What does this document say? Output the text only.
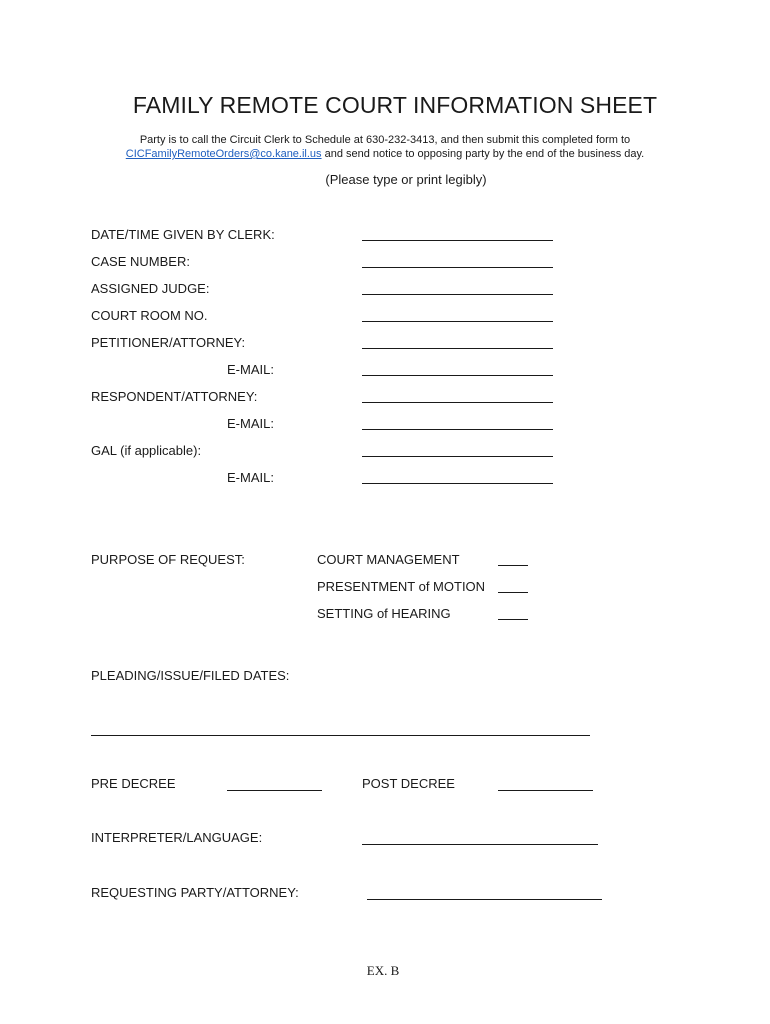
FAMILY REMOTE COURT INFORMATION SHEET
Party is to call the Circuit Clerk to Schedule at 630-232-3413, and then submit this completed form to
CICFamilyRemoteOrders@co.kane.il.us and send notice to opposing party by the end of the business day.
(Please type or print legibly)
DATE/TIME GIVEN BY CLERK:
CASE NUMBER:
ASSIGNED JUDGE:
COURT ROOM NO.
PETITIONER/ATTORNEY:
E-MAIL:
RESPONDENT/ATTORNEY:
E-MAIL:
GAL (if applicable):
E-MAIL:
PURPOSE OF REQUEST:	COURT MANAGEMENT
PRESENTMENT of MOTION
SETTING of HEARING
PLEADING/ISSUE/FILED DATES:
PRE DECREE	POST DECREE
INTERPRETER/LANGUAGE:
REQUESTING PARTY/ATTORNEY:
EX. B
